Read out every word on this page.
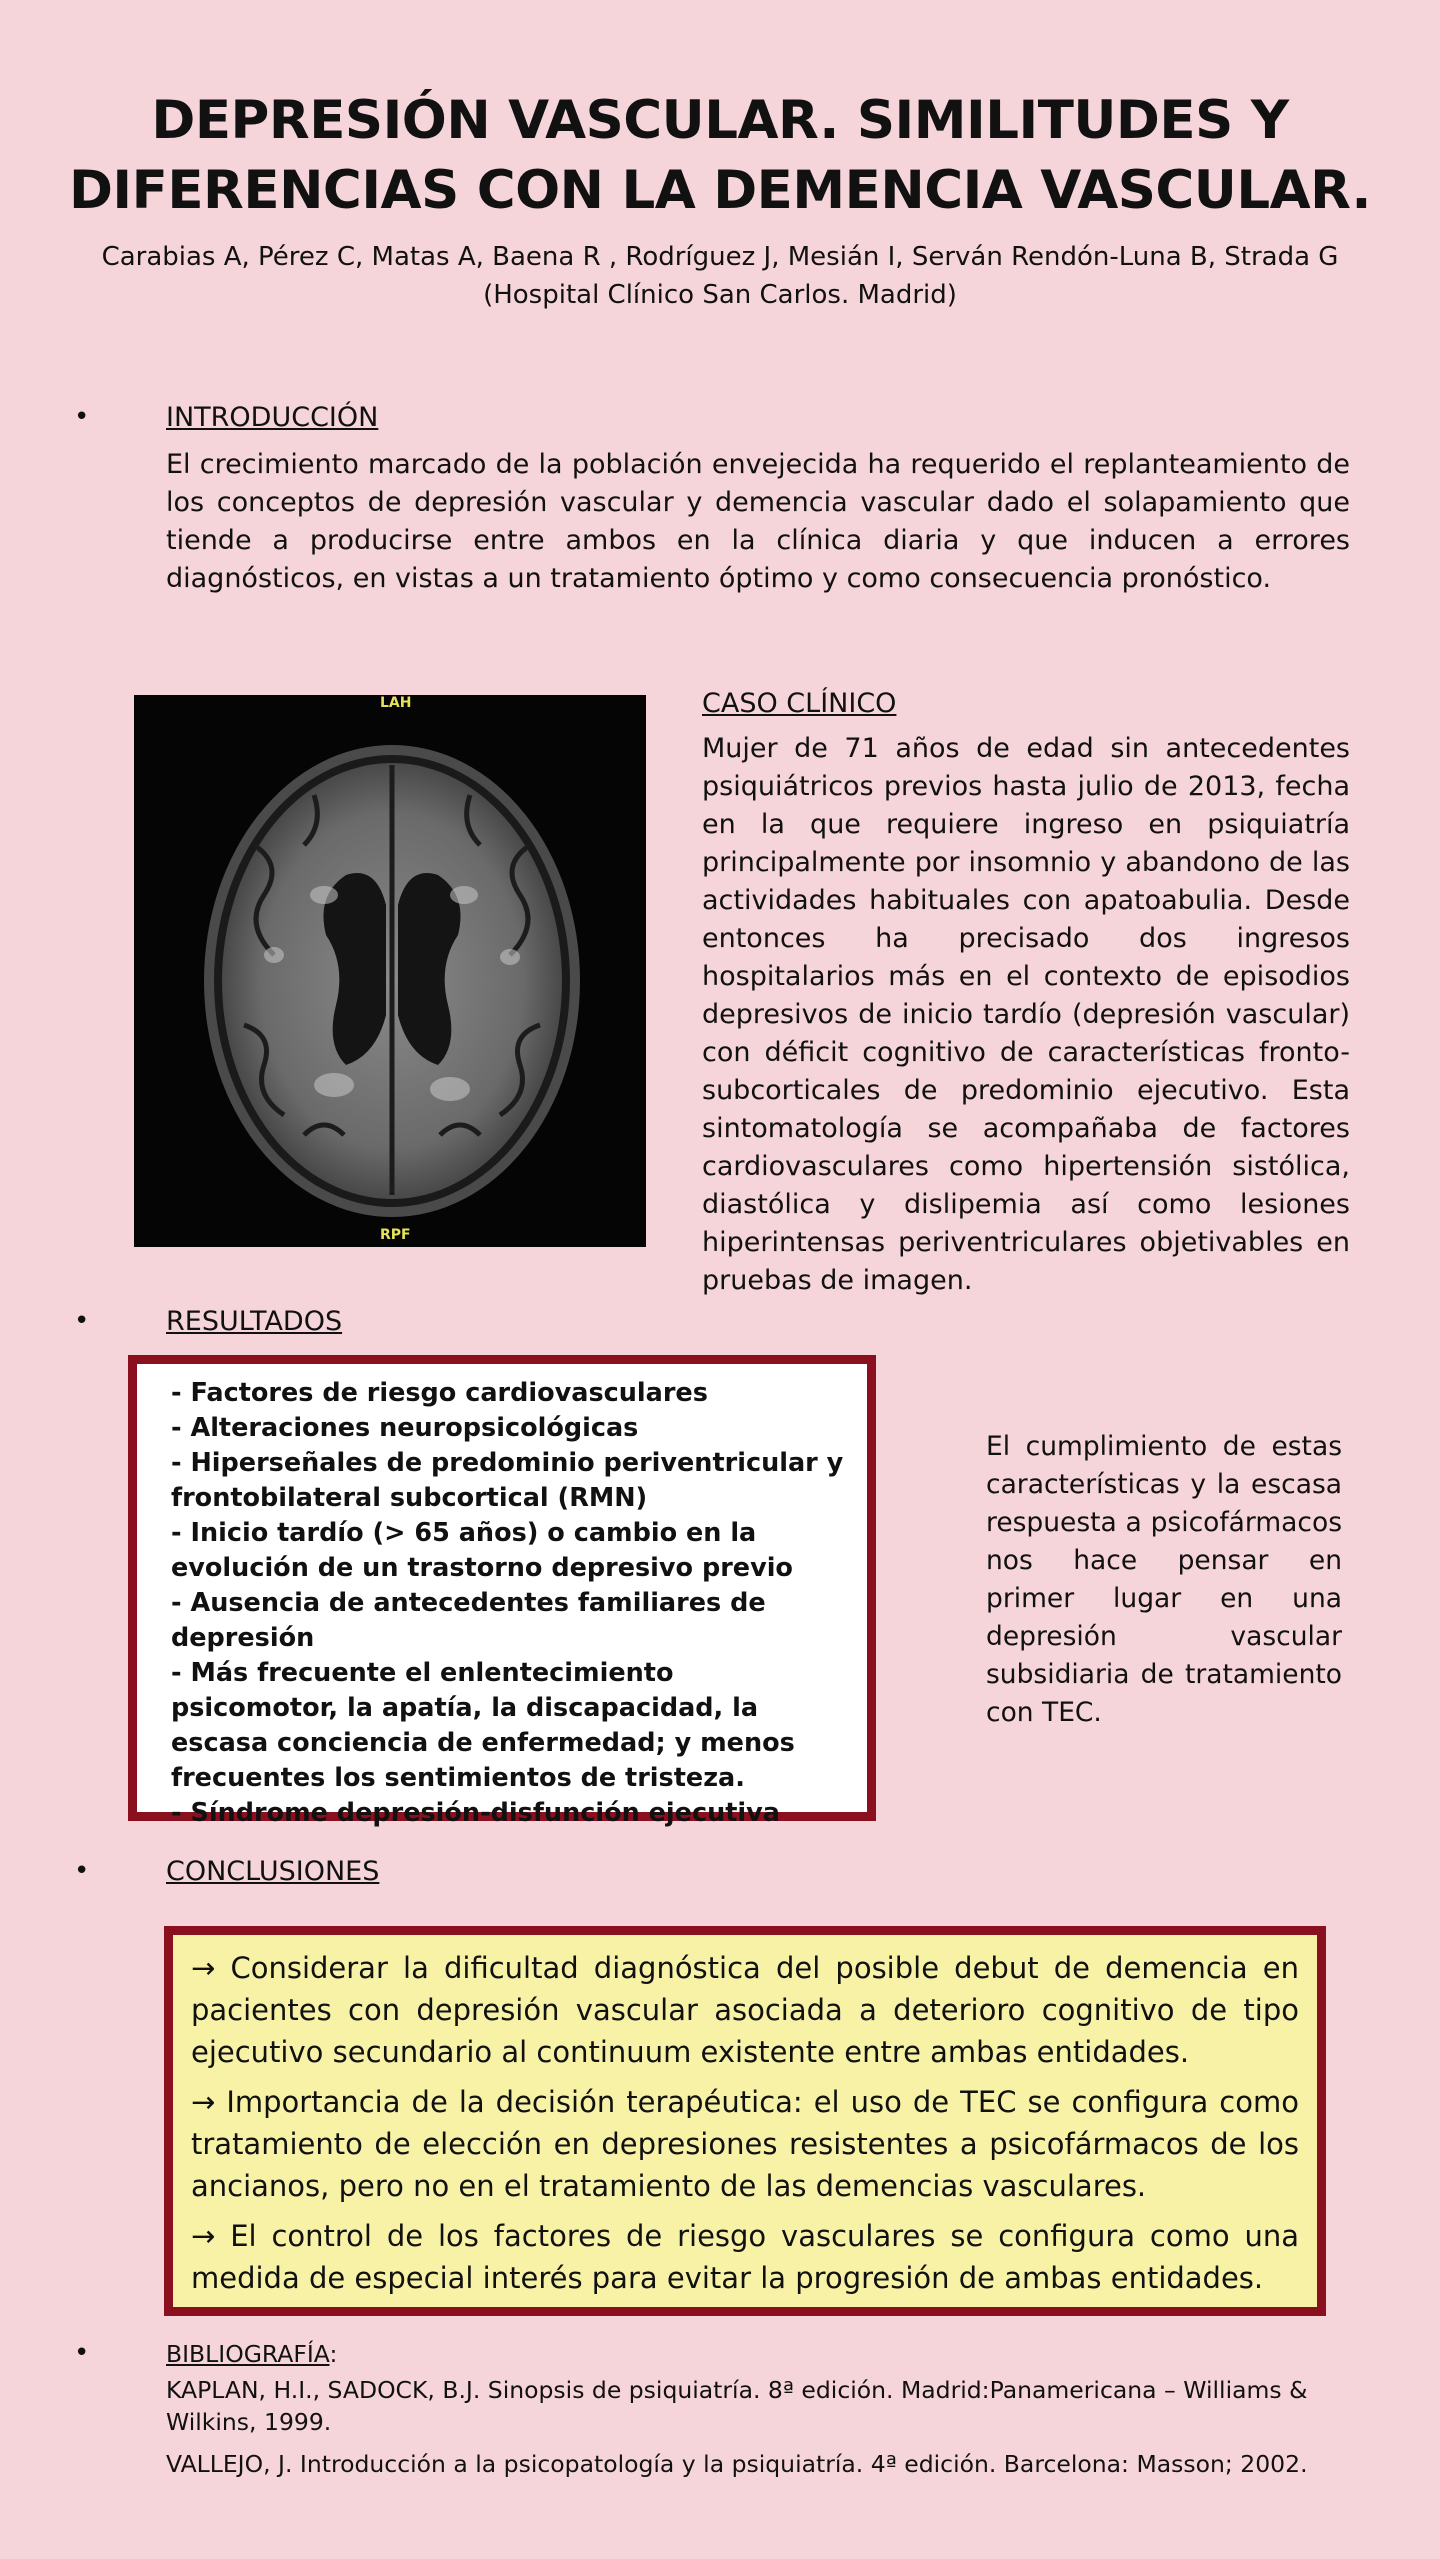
DEPRESIÓN VASCULAR. SIMILITUDES Y
DIFERENCIAS CON LA DEMENCIA VASCULAR.
Carabias A, Pérez C, Matas A, Baena R , Rodríguez J, Mesián I, Serván Rendón-Luna B, Strada G
(Hospital Clínico San Carlos. Madrid)
•	INTRODUCCIÓN
El crecimiento marcado de la población envejecida ha requerido el replanteamiento de los conceptos de depresión vascular y demencia vascular dado el solapamiento que tiende a producirse entre ambos en la clínica diaria y que inducen a errores diagnósticos, en vistas a un tratamiento óptimo y como consecuencia pronóstico.
LAH
RPF
CASO CLÍNICO
Mujer de 71 años de edad sin antecedentes psiquiátricos previos hasta julio de 2013, fecha en la que requiere ingreso en psiquiatría principalmente por insomnio y abandono de las actividades habituales con apatoabulia. Desde entonces ha precisado dos ingresos hospitalarios más en el contexto de episodios depresivos de inicio tardío (depresión vascular) con déficit cognitivo de características fronto-subcorticales de predominio ejecutivo. Esta sintomatología se acompañaba de factores cardiovasculares como hipertensión sistólica, diastólica y dislipemia así como lesiones hiperintensas periventriculares objetivables en pruebas de imagen.
•	RESULTADOS
- Factores de riesgo cardiovasculares
- Alteraciones neuropsicológicas
- Hiperseñales de predominio periventricular y frontobilateral subcortical (RMN)
- Inicio tardío (> 65 años) o cambio en la evolución de un trastorno depresivo previo
- Ausencia de antecedentes familiares de depresión
- Más frecuente el enlentecimiento psicomotor, la apatía, la discapacidad, la escasa conciencia de enfermedad; y menos frecuentes los sentimientos de tristeza.
- Síndrome depresión-disfunción ejecutiva
El cumplimiento de estas características y la escasa respuesta a psicofármacos nos hace pensar en primer lugar en una depresión vascular subsidiaria de tratamiento con TEC.
•	CONCLUSIONES
→ Considerar la dificultad diagnóstica del posible debut de demencia en pacientes con depresión vascular asociada a deterioro cognitivo de tipo ejecutivo secundario al continuum existente entre ambas entidades.
→ Importancia de la decisión terapéutica: el uso de TEC se configura como tratamiento de elección en depresiones resistentes a psicofármacos de los ancianos, pero no en el tratamiento de las demencias vasculares.
→ El control de los factores de riesgo vasculares se configura como una medida de especial interés para evitar la progresión de ambas entidades.
•	BIBLIOGRAFÍA:
KAPLAN, H.I., SADOCK, B.J. Sinopsis de psiquiatría. 8ª edición. Madrid:Panamericana – Williams & Wilkins, 1999.
VALLEJO, J. Introducción a la psicopatología y la psiquiatría. 4ª edición. Barcelona: Masson; 2002.
